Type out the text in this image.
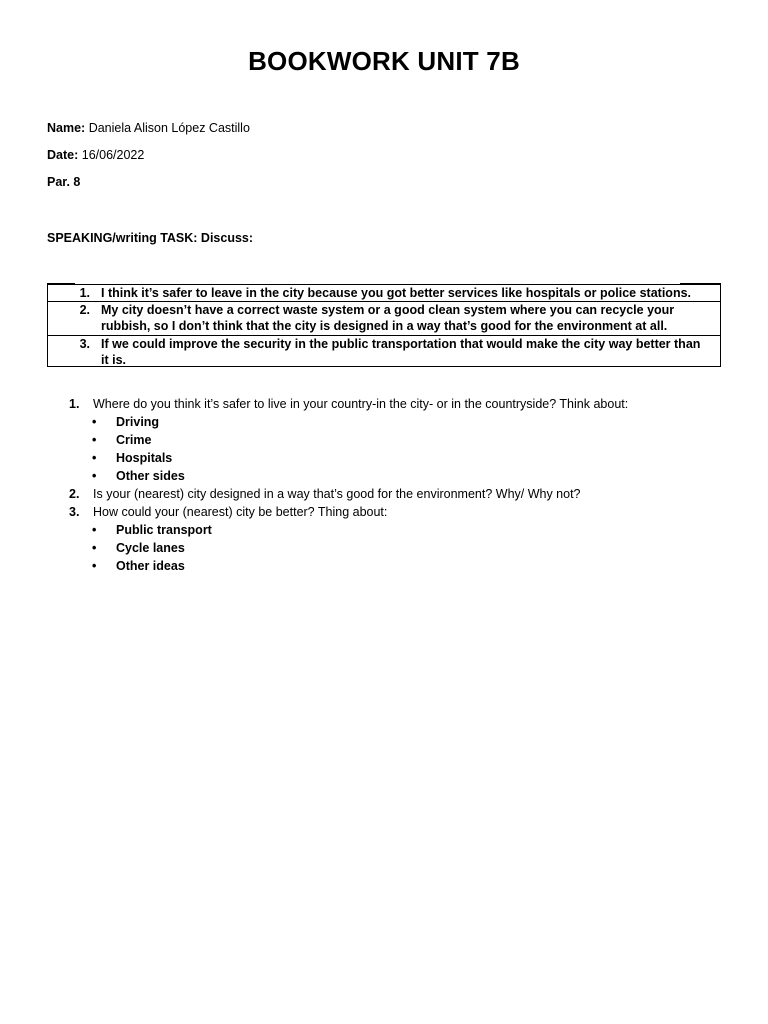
BOOKWORK UNIT 7B
Name: Daniela Alison López Castillo
Date: 16/06/2022
Par. 8
SPEAKING/writing TASK: Discuss:
1. I think it’s safer to leave in the city because you got better services like hospitals or police stations.
2. My city doesn’t have a correct waste system or a good clean system where you can recycle your rubbish, so I don’t think that the city is designed in a way that’s good for the environment at all.
3. If we could improve the security in the public transportation that would make the city way better than it is.
1. Where do you think it’s safer to live in your country-in the city- or in the countryside? Think about:
• Driving
• Crime
• Hospitals
• Other sides
2. Is your (nearest) city designed in a way that’s good for the environment? Why/ Why not?
3. How could your (nearest) city be better? Thing about:
• Public transport
• Cycle lanes
• Other ideas
